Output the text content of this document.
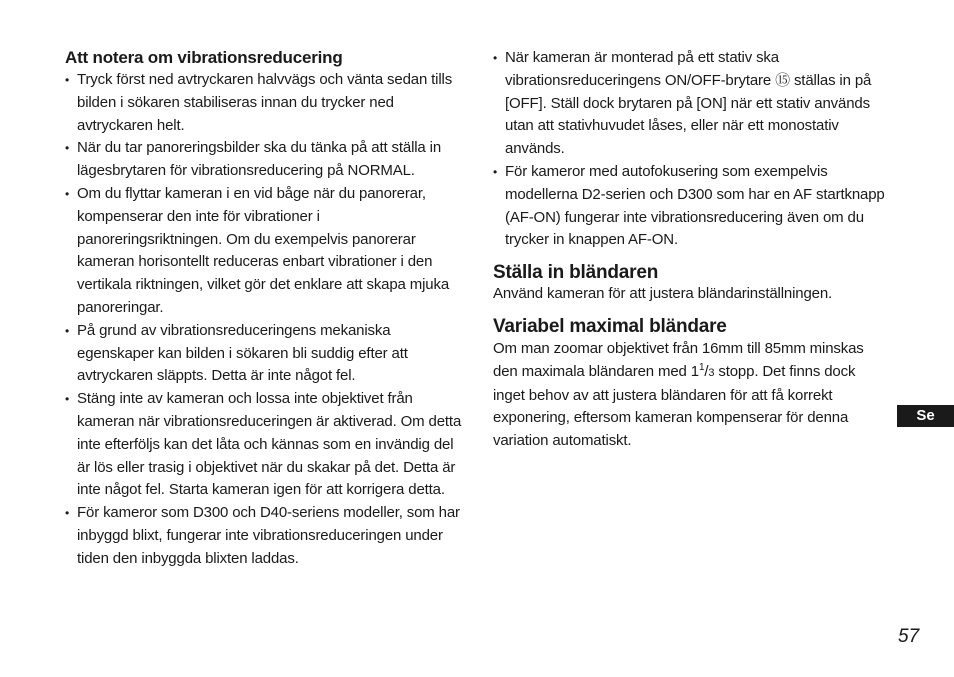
Att notera om vibrationsreducering
• Tryck först ned avtryckaren halvvägs och vänta sedan tills bilden i sökaren stabiliseras innan du trycker ned avtryckaren helt.
• När du tar panoreringsbilder ska du tänka på att ställa in lägesbrytaren för vibrationsreducering på NORMAL.
• Om du flyttar kameran i en vid båge när du panorerar, kompenserar den inte för vibrationer i panoreringsriktningen. Om du exempelvis panorerar kameran horisontellt reduceras enbart vibrationer i den vertikala riktningen, vilket gör det enklare att skapa mjuka panoreringar.
• På grund av vibrationsreduceringens mekaniska egenskaper kan bilden i sökaren bli suddig efter att avtryckaren släppts. Detta är inte något fel.
• Stäng inte av kameran och lossa inte objektivet från kameran när vibrationsreduceringen är aktiverad. Om detta inte efterföljs kan det låta och kännas som en invändig del är lös eller trasig i objektivet när du skakar på det. Detta är inte något fel. Starta kameran igen för att korrigera detta.
• För kameror som D300 och D40-seriens modeller, som har inbyggd blixt, fungerar inte vibrationsreduceringen under tiden den inbyggda blixten laddas.
• När kameran är monterad på ett stativ ska vibrationsreduceringens ON/OFF-brytare ⑮ ställas in på [OFF]. Ställ dock brytaren på [ON] när ett stativ används utan att stativhuvudet låses, eller när ett monostativ används.
• För kameror med autofokusering som exempelvis modellerna D2-serien och D300 som har en AF startknapp (AF-ON) fungerar inte vibrationsreducering även om du trycker in knappen AF-ON.
Ställa in bländaren

Använd kameran för att justera bländarinställningen.

Variabel maximal bländare

Om man zoomar objektivet från 16mm till 85mm minskas den maximala bländaren med $1^1/3$ stopp. Det finns dock inget behov av att justera bländaren för att få korrekt exponering, eftersom kameran kompenserar för denna variation automatiskt.

Se
57
